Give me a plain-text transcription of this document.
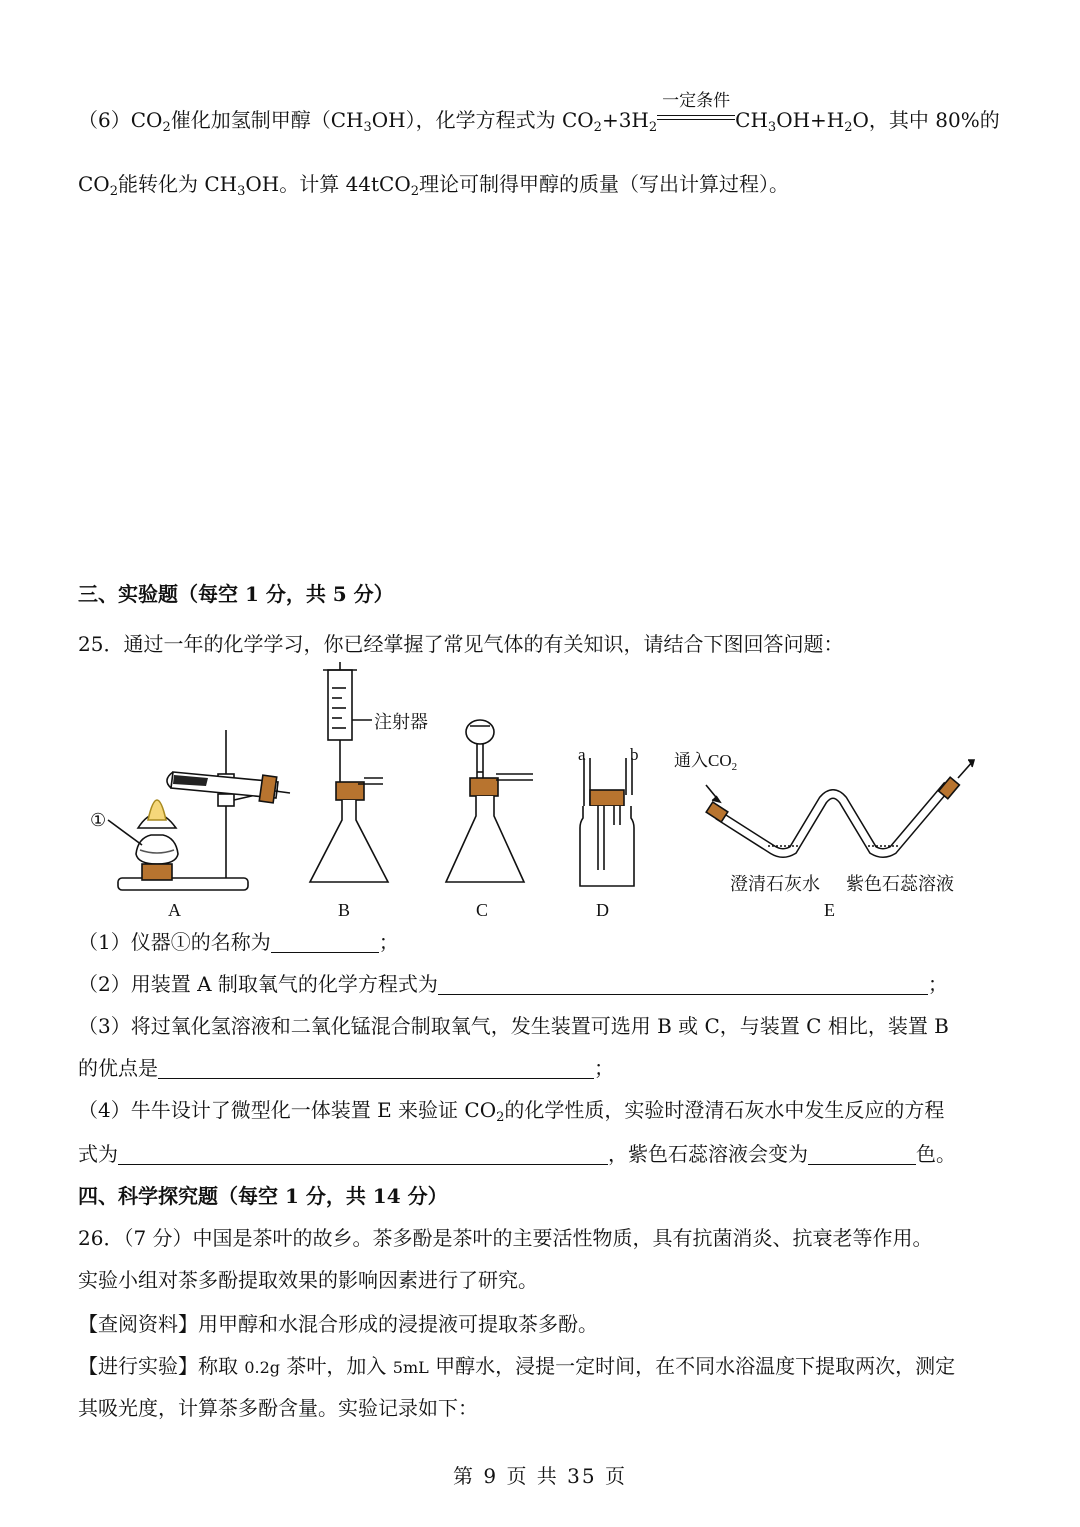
$(6)CO_2$催化加氢制甲醇$(CH_3OH)$，化学方程式为 $CO_2+3H_2$
一定条件
$CH_3OH+H_2O$，其中 80%的
$CO_2$能转化为 $CH_3OH$。计算 44tCO$_2$理论可制得甲醇的质量（写出计算过程）。
三、实验题（每空 1 分，共 5 分）
25．通过一年的化学学习，你已经掌握了常见气体的有关知识，请结合下图回答问题：
①
注射器
a	b 通入$CO_2$
澄清石灰水 紫色石蕊溶液
A	B	C	D	E
（1）仪器①的名称为	；
（2）用装置 A 制取氧气的化学方程式为	；
（3）将过氧化氢溶液和二氧化锰混合制取氧气，发生装置可选用 B 或 C，与装置 C 相比，装置 B
的优点是	；
（4）牛牛设计了微型化一体装置 E 来验证 $CO_2$的化学性质，实验时澄清石灰水中发生反应的方程
式为	，紫色石蕊溶液会变为	色。
四、科学探究题（每空 1 分，共 14 分）
26．（7 分）中国是茶叶的故乡。茶多酚是茶叶的主要活性物质，具有抗菌消炎、抗衰老等作用。
实验小组对茶多酚提取效果的影响因素进行了研究。
【查阅资料】用甲醇和水混合形成的浸提液可提取茶多酚。
【进行实验】称取 0.2g 茶叶，加入 5mL 甲醇水，浸提一定时间，在不同水浴温度下提取两次，测定
其吸光度，计算茶多酚含量。实验记录如下：
第 9 页 共 35 页
